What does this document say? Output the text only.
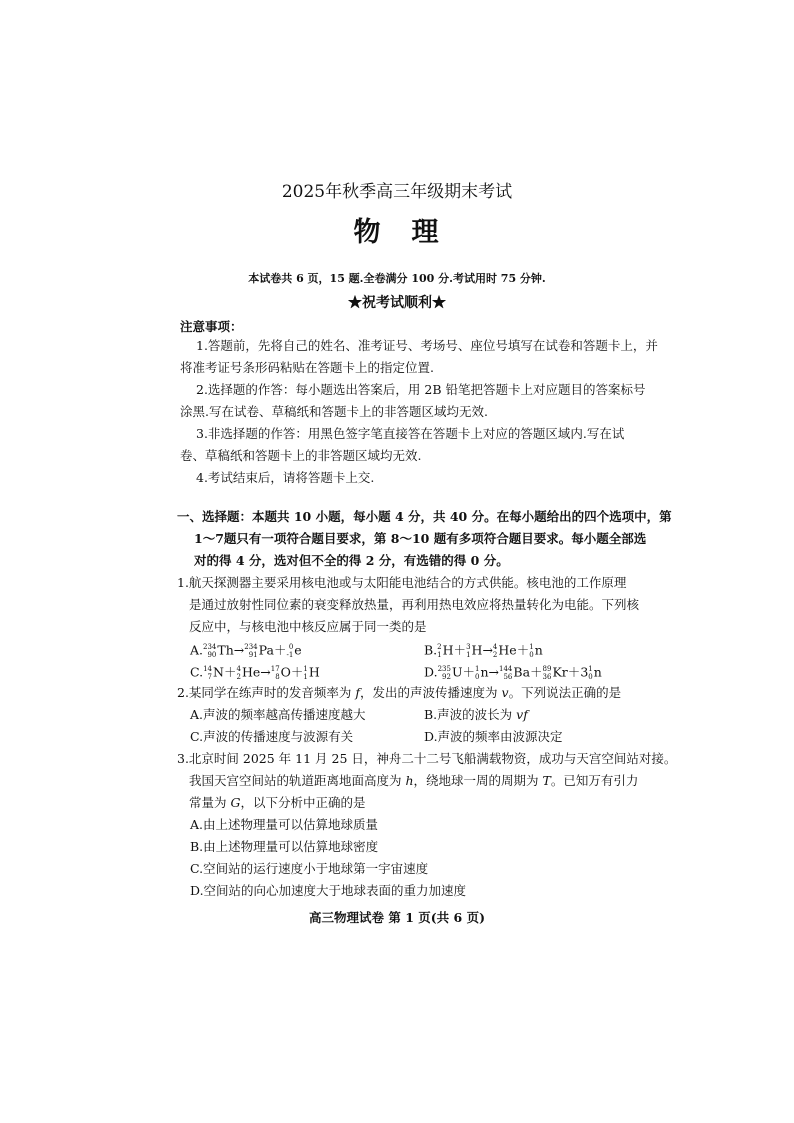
2025年秋季高三年级期末考试
物　理
本试卷共 6 页，15 题.全卷满分 100 分.考试用时 75 分钟.
★祝考试顺利★
注意事项：
1.答题前，先将自己的姓名、准考证号、考场号、座位号填写在试卷和答题卡上，并
将准考证号条形码粘贴在答题卡上的指定位置.
2.选择题的作答：每小题选出答案后，用 2B 铅笔把答题卡上对应题目的答案标号
涂黑.写在试卷、草稿纸和答题卡上的非答题区域均无效.
3.非选择题的作答：用黑色签字笔直接答在答题卡上对应的答题区域内.写在试
卷、草稿纸和答题卡上的非答题区域均无效.
4.考试结束后，请将答题卡上交.
一、选择题：本题共 10 小题，每小题 4 分，共 40 分。在每小题给出的四个选项中，第
1～7题只有一项符合题目要求，第 8～10 题有多项符合题目要求。每小题全部选
对的得 4 分，选对但不全的得 2 分，有选错的得 0 分。
1.航天探测器主要采用核电池或与太阳能电池结合的方式供能。核电池的工作原理
是通过放射性同位素的衰变释放热量，再利用热电效应将热量转化为电能。下列核
反应中，与核电池中核反应属于同一类的是
A. 234
90 Th→ 234
91 Pa＋ 0
-1 e	B. 2
1 H＋ 3
1 H→ 4
2 He＋ 1
0 n
C. 14
7 N＋ 4
2 He→ 17
8 O＋ 1
1 H	D. 235
92 U＋ 1
0 n→ 144
56 Ba＋ 89
36 Kr＋3 1
0 n
2.某同学在练声时的发音频率为 f，发出的声波传播速度为 v。下列说法正确的是
A.声波的频率越高传播速度越大	B.声波的波长为 vf
C.声波的传播速度与波源有关	D.声波的频率由波源决定
3.北京时间 2025 年 11 月 25 日，神舟二十二号飞船满载物资，成功与天宫空间站对接。
我国天宫空间站的轨道距离地面高度为 h，绕地球一周的周期为 T。已知万有引力
常量为 G，以下分析中正确的是
A.由上述物理量可以估算地球质量
B.由上述物理量可以估算地球密度
C.空间站的运行速度小于地球第一宇宙速度
D.空间站的向心加速度大于地球表面的重力加速度
高三物理试卷 第 1 页(共 6 页)
